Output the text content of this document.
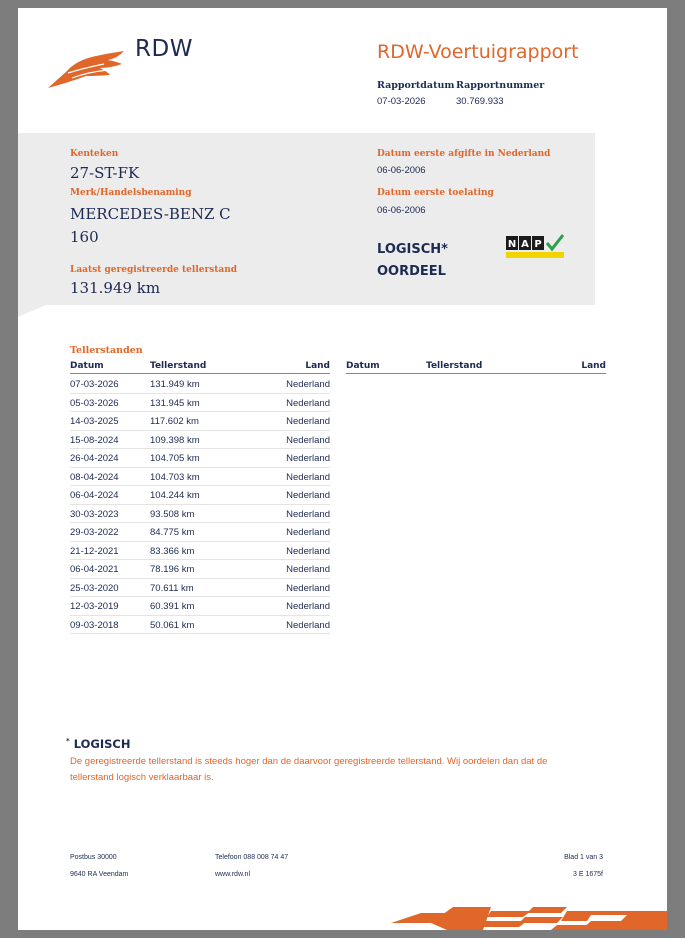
RDW	RDW-Voertuigrapport
Rapportdatum
07-03-2026
Rapportnummer
30.769.933
Kenteken
27-ST-FK
Merk/Handelsbenaming
MERCEDES-BENZ C
160
Laatst geregistreerde tellerstand
131.949 km
Datum eerste afgifte in Nederland
06-06-2006
Datum eerste toelating
06-06-2006
LOGISCH*
OORDEEL
N A P
Tellerstanden
Datum	Tellerstand	Land Datum	Tellerstand	Land
07-03-2026	131.949 km	Nederland
05-03-2026	131.945 km	Nederland
14-03-2025	117.602 km	Nederland
15-08-2024	109.398 km	Nederland
26-04-2024	104.705 km	Nederland
08-04-2024	104.703 km	Nederland
06-04-2024	104.244 km	Nederland
30-03-2023	93.508 km	Nederland
29-03-2022	84.775 km	Nederland
21-12-2021	83.366 km	Nederland
06-04-2021	78.196 km	Nederland
25-03-2020	70.611 km	Nederland
12-03-2019	60.391 km	Nederland
09-03-2018	50.061 km	Nederland
* LOGISCH
De geregistreerde tellerstand is steeds hoger dan de daarvoor geregistreerde tellerstand. Wij oordelen dan dat de tellerstand logisch verklaarbaar is.
Postbus 30000
9640 RA Veendam
Telefoon 088 008 74 47
www.rdw.nl
Blad 1 van 3
3 E 1675f
